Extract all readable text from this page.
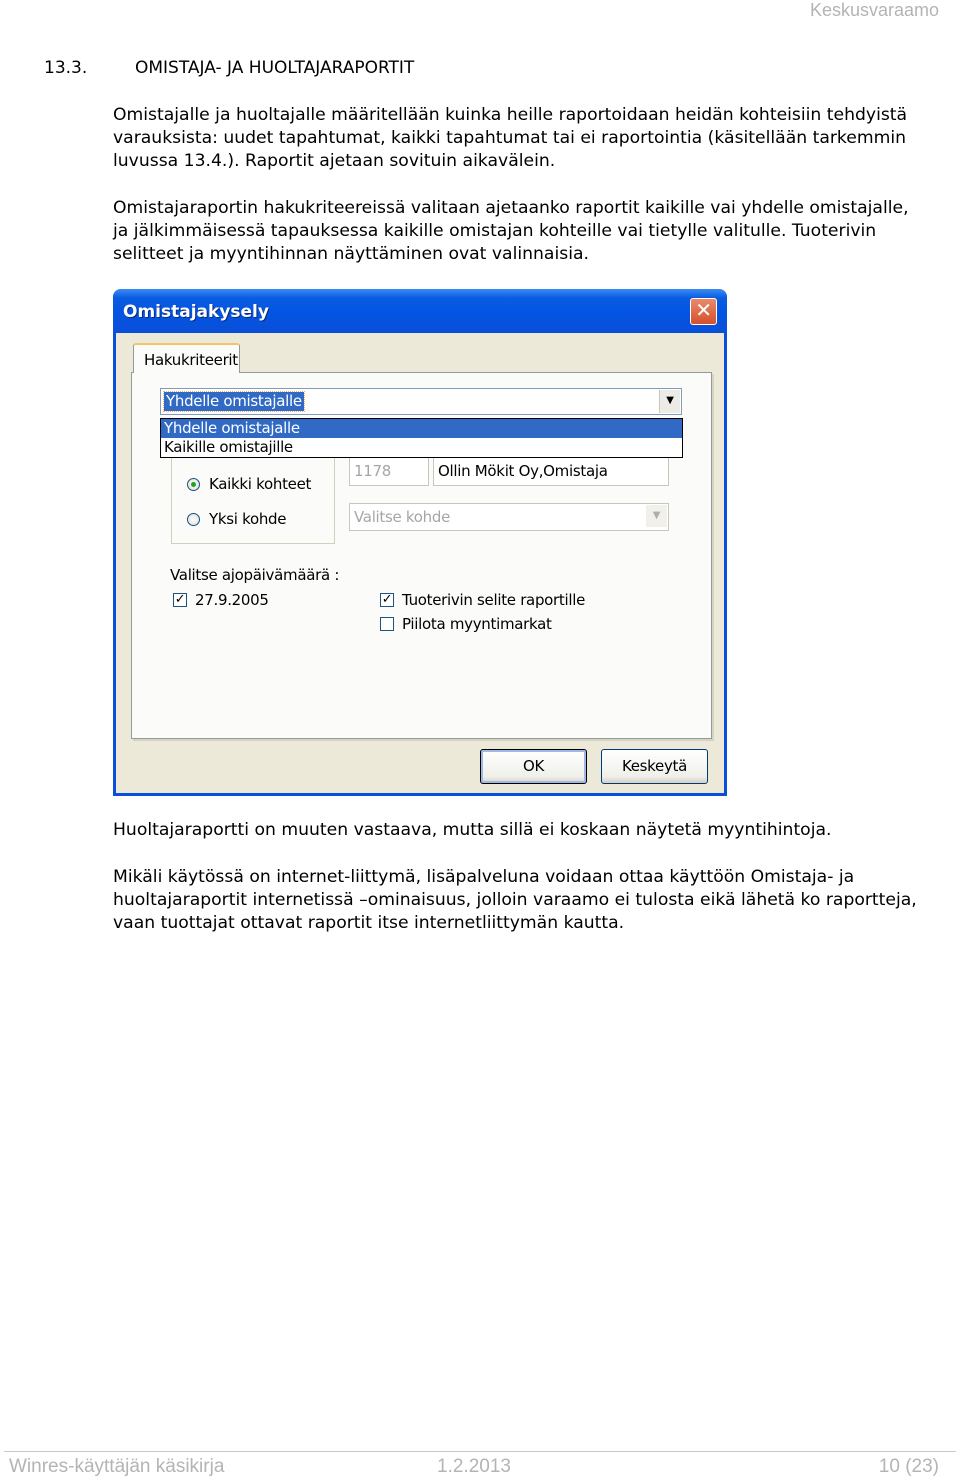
Keskusvaraamo
13.3.	OMISTAJA- JA HUOLTAJARAPORTIT
Omistajalle ja huoltajalle määritellään kuinka heille raportoidaan heidän kohteisiin tehdyistä varauksista: uudet tapahtumat, kaikki tapahtumat tai ei raportointia (käsitellään tarkemmin luvussa 13.4.). Raportit ajetaan sovituin aikavälein.
Omistajaraportin hakukriteereissä valitaan ajetaanko raportit kaikille vai yhdelle omistajalle, ja jälkimmäisessä tapauksessa kaikille omistajan kohteille vai tietylle valitulle. Tuoterivin selitteet ja myyntihinnan näyttäminen ovat valinnaisia.
Omistajakysely	✕
Hakukriteerit
Kaikki kohteet
Yksi kohde
1178	Ollin Mökit Oy,Omistaja
Valitse kohde	▼
Valitse ajopäivämäärä :
✓ 27.9.2005	✓ Tuoterivin selite raportille
Piilota myyntimarkat
Yhdelle omistajalle	▼
Yhdelle omistajalle
Kaikille omistajille
OK	Keskeytä
Huoltajaraportti on muuten vastaava, mutta sillä ei koskaan näytetä myyntihintoja.
Mikäli käytössä on internet-liittymä, lisäpalveluna voidaan ottaa käyttöön Omistaja- ja huoltajaraportit internetissä –ominaisuus, jolloin varaamo ei tulosta eikä lähetä ko raportteja, vaan tuottajat ottavat raportit itse internetliittymän kautta.
Winres-käyttäjän käsikirja	1.2.2013	10 (23)
